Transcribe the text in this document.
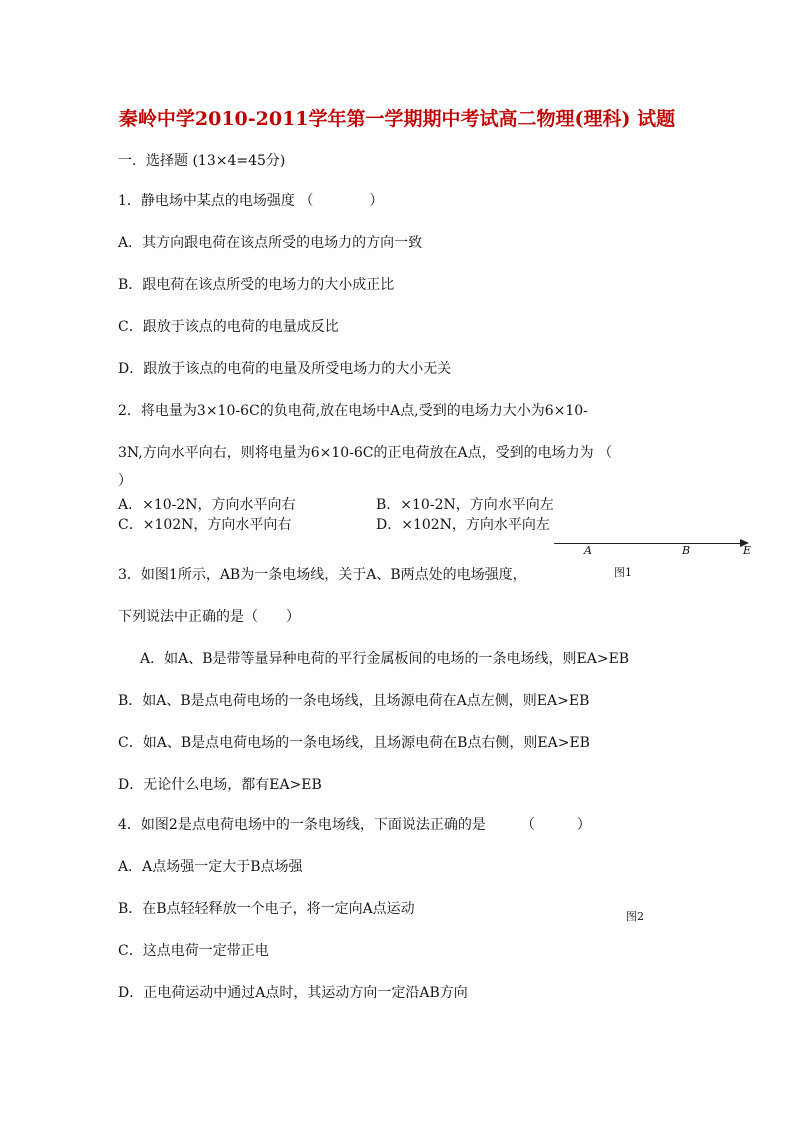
秦岭中学2010-2011学年第一学期期中考试高二物理(理科) 试题
一．选择题 (13×4=45分)
1．静电场中某点的电场强度 （　　　　）
A．其方向跟电荷在该点所受的电场力的方向一致
B．跟电荷在该点所受的电场力的大小成正比
C．跟放于该点的电荷的电量成反比
D．跟放于该点的电荷的电量及所受电场力的大小无关
2．将电量为3×10-6C的负电荷,放在电场中A点,受到的电场力大小为6×10-
3N,方向水平向右，则将电量为6×10-6C的正电荷放在A点，受到的电场力为 （
）
A．×10-2N，方向水平向右	B．×10-2N，方向水平向左
C．×102N，方向水平向右	D．×102N，方向水平向左
A	B	E
图1
3．如图1所示，AB为一条电场线，关于A、B两点处的电场强度，
下列说法中正确的是（　　）
A．如A、B是带等量异种电荷的平行金属板间的电场的一条电场线，则EA>EB
B．如A、B是点电荷电场的一条电场线，且场源电荷在A点左侧，则EA>EB
C．如A、B是点电荷电场的一条电场线，且场源电荷在B点右侧，则EA>EB
D．无论什么电场，都有EA>EB
4．如图2是点电荷电场中的一条电场线，下面说法正确的是　　　（　　　）
A．A点场强一定大于B点场强
B．在B点轻轻释放一个电子，将一定向A点运动	图2
C．这点电荷一定带正电
D．正电荷运动中通过A点时，其运动方向一定沿AB方向
